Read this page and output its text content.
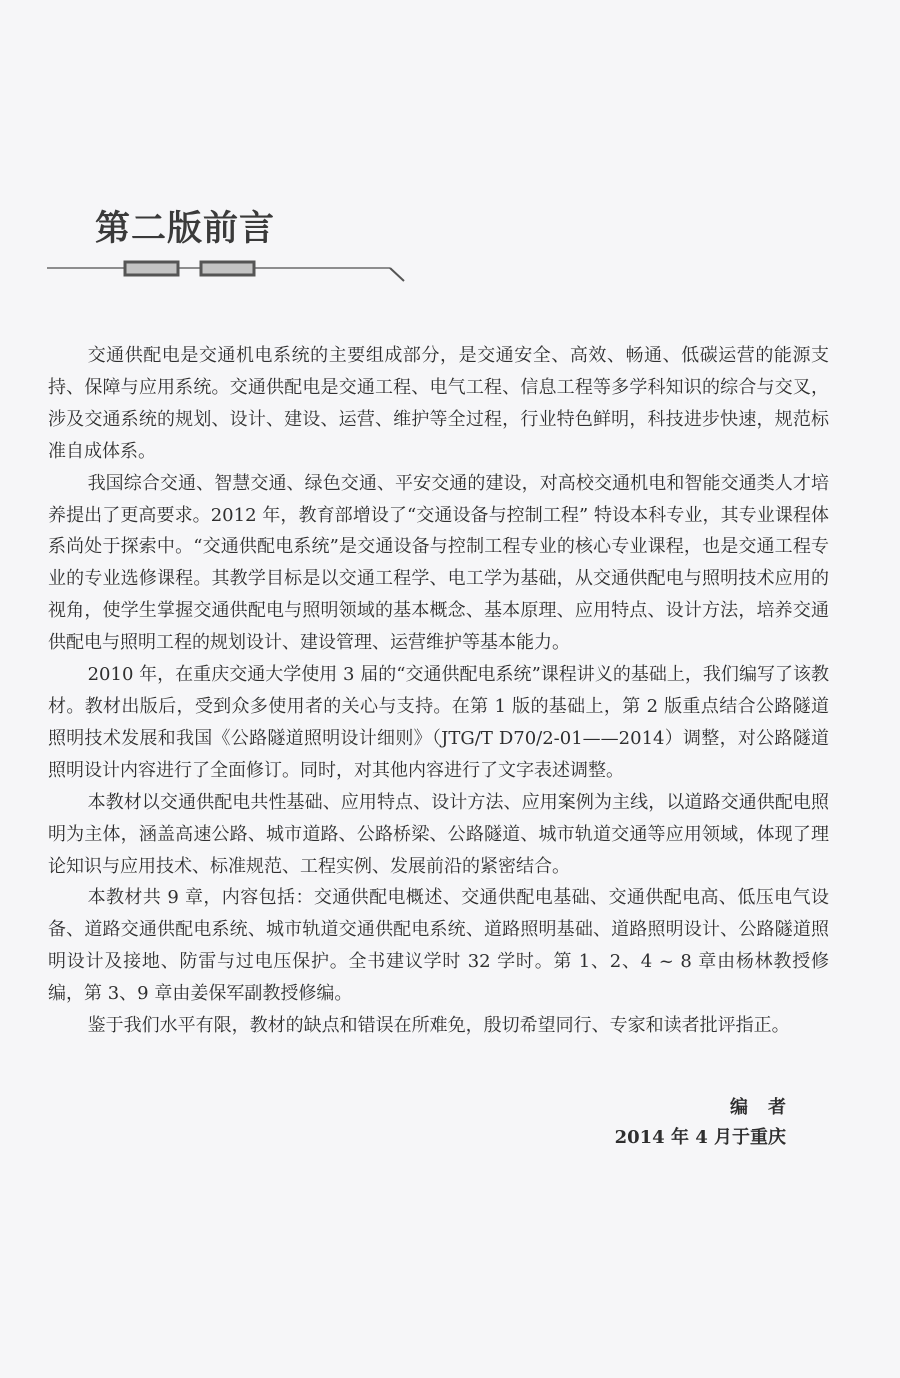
第二版前言

交通供配电是交通机电系统的主要组成部分，是交通安全、高效、畅通、低碳运营的能源支持、保障与应用系统。交通供配电是交通工程、电气工程、信息工程等多学科知识的综合与交叉，涉及交通系统的规划、设计、建设、运营、维护等全过程，行业特色鲜明，科技进步快速，规范标准自成体系。

我国综合交通、智慧交通、绿色交通、平安交通的建设，对高校交通机电和智能交通类人才培养提出了更高要求。2012 年，教育部增设了“交通设备与控制工程” 特设本科专业，其专业课程体系尚处于探索中。“交通供配电系统”是交通设备与控制工程专业的核心专业课程，也是交通工程专业的专业选修课程。其教学目标是以交通工程学、电工学为基础，从交通供配电与照明技术应用的视角，使学生掌握交通供配电与照明领域的基本概念、基本原理、应用特点、设计方法，培养交通供配电与照明工程的规划设计、建设管理、运营维护等基本能力。

2010 年，在重庆交通大学使用 3 届的“交通供配电系统”课程讲义的基础上，我们编写了该教材。教材出版后，受到众多使用者的关心与支持。在第 1 版的基础上，第 2 版重点结合公路隧道照明技术发展和我国《公路隧道照明设计细则》（JTG/T D70/2-01——2014）调整，对公路隧道照明设计内容进行了全面修订。同时，对其他内容进行了文字表述调整。

本教材以交通供配电共性基础、应用特点、设计方法、应用案例为主线，以道路交通供配电照明为主体，涵盖高速公路、城市道路、公路桥梁、公路隧道、城市轨道交通等应用领域，体现了理论知识与应用技术、标准规范、工程实例、发展前沿的紧密结合。

本教材共 9 章，内容包括：交通供配电概述、交通供配电基础、交通供配电高、低压电气设备、道路交通供配电系统、城市轨道交通供配电系统、道路照明基础、道路照明设计、公路隧道照明设计及接地、防雷与过电压保护。全书建议学时 32 学时。第 1、2、4 ~ 8 章由杨林教授修编，第 3、9 章由姜保军副教授修编。

鉴于我们水平有限，教材的缺点和错误在所难免，殷切希望同行、专家和读者批评指正。

编者
2014 年 4 月于重庆
